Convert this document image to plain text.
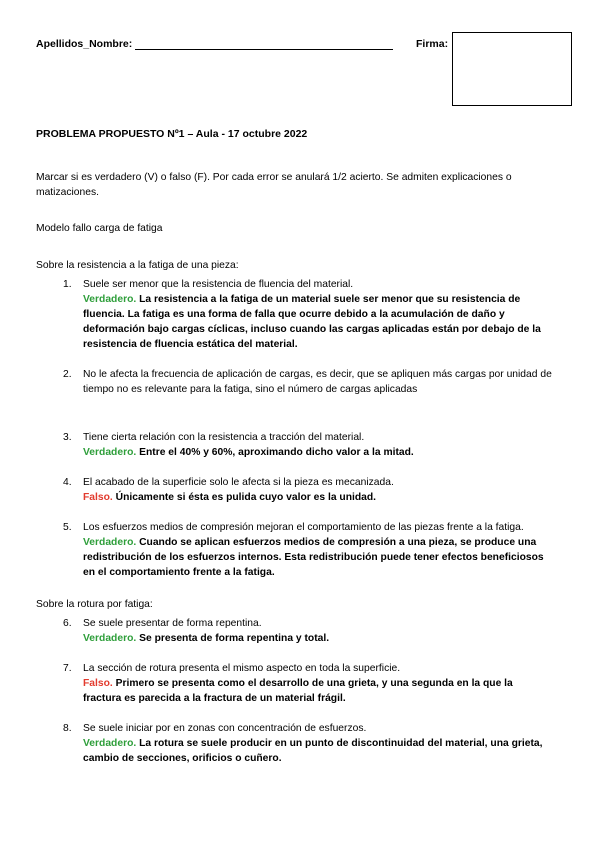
Apellidos_Nombre:	Firma:
PROBLEMA PROPUESTO Nº1 – Aula - 17 octubre 2022
Marcar si es verdadero (V) o falso (F). Por cada error se anulará 1/2 acierto. Se admiten explicaciones o matizaciones.
Modelo fallo carga de fatiga
Sobre la resistencia a la fatiga de una pieza:
1.	Suele ser menor que la resistencia de fluencia del material.
Verdadero. La resistencia a la fatiga de un material suele ser menor que su resistencia de fluencia. La fatiga es una forma de falla que ocurre debido a la acumulación de daño y deformación bajo cargas cíclicas, incluso cuando las cargas aplicadas están por debajo de la resistencia de fluencia estática del material.
2.	No le afecta la frecuencia de aplicación de cargas, es decir, que se apliquen más cargas por unidad de tiempo no es relevante para la fatiga, sino el número de cargas aplicadas
3.	Tiene cierta relación con la resistencia a tracción del material.
Verdadero. Entre el 40% y 60%, aproximando dicho valor a la mitad.
4.	El acabado de la superficie solo le afecta si la pieza es mecanizada.
Falso. Únicamente si ésta es pulida cuyo valor es la unidad.
5.	Los esfuerzos medios de compresión mejoran el comportamiento de las piezas frente a la fatiga.
Verdadero. Cuando se aplican esfuerzos medios de compresión a una pieza, se produce una redistribución de los esfuerzos internos. Esta redistribución puede tener efectos beneficiosos en el comportamiento frente a la fatiga.
Sobre la rotura por fatiga:
6.	Se suele presentar de forma repentina.
Verdadero. Se presenta de forma repentina y total.
7.	La sección de rotura presenta el mismo aspecto en toda la superficie.
Falso. Primero se presenta como el desarrollo de una grieta, y una segunda en la que la fractura es parecida a la fractura de un material frágil.
8.	Se suele iniciar por en zonas con concentración de esfuerzos.
Verdadero. La rotura se suele producir en un punto de discontinuidad del material, una grieta, cambio de secciones, orificios o cuñero.
